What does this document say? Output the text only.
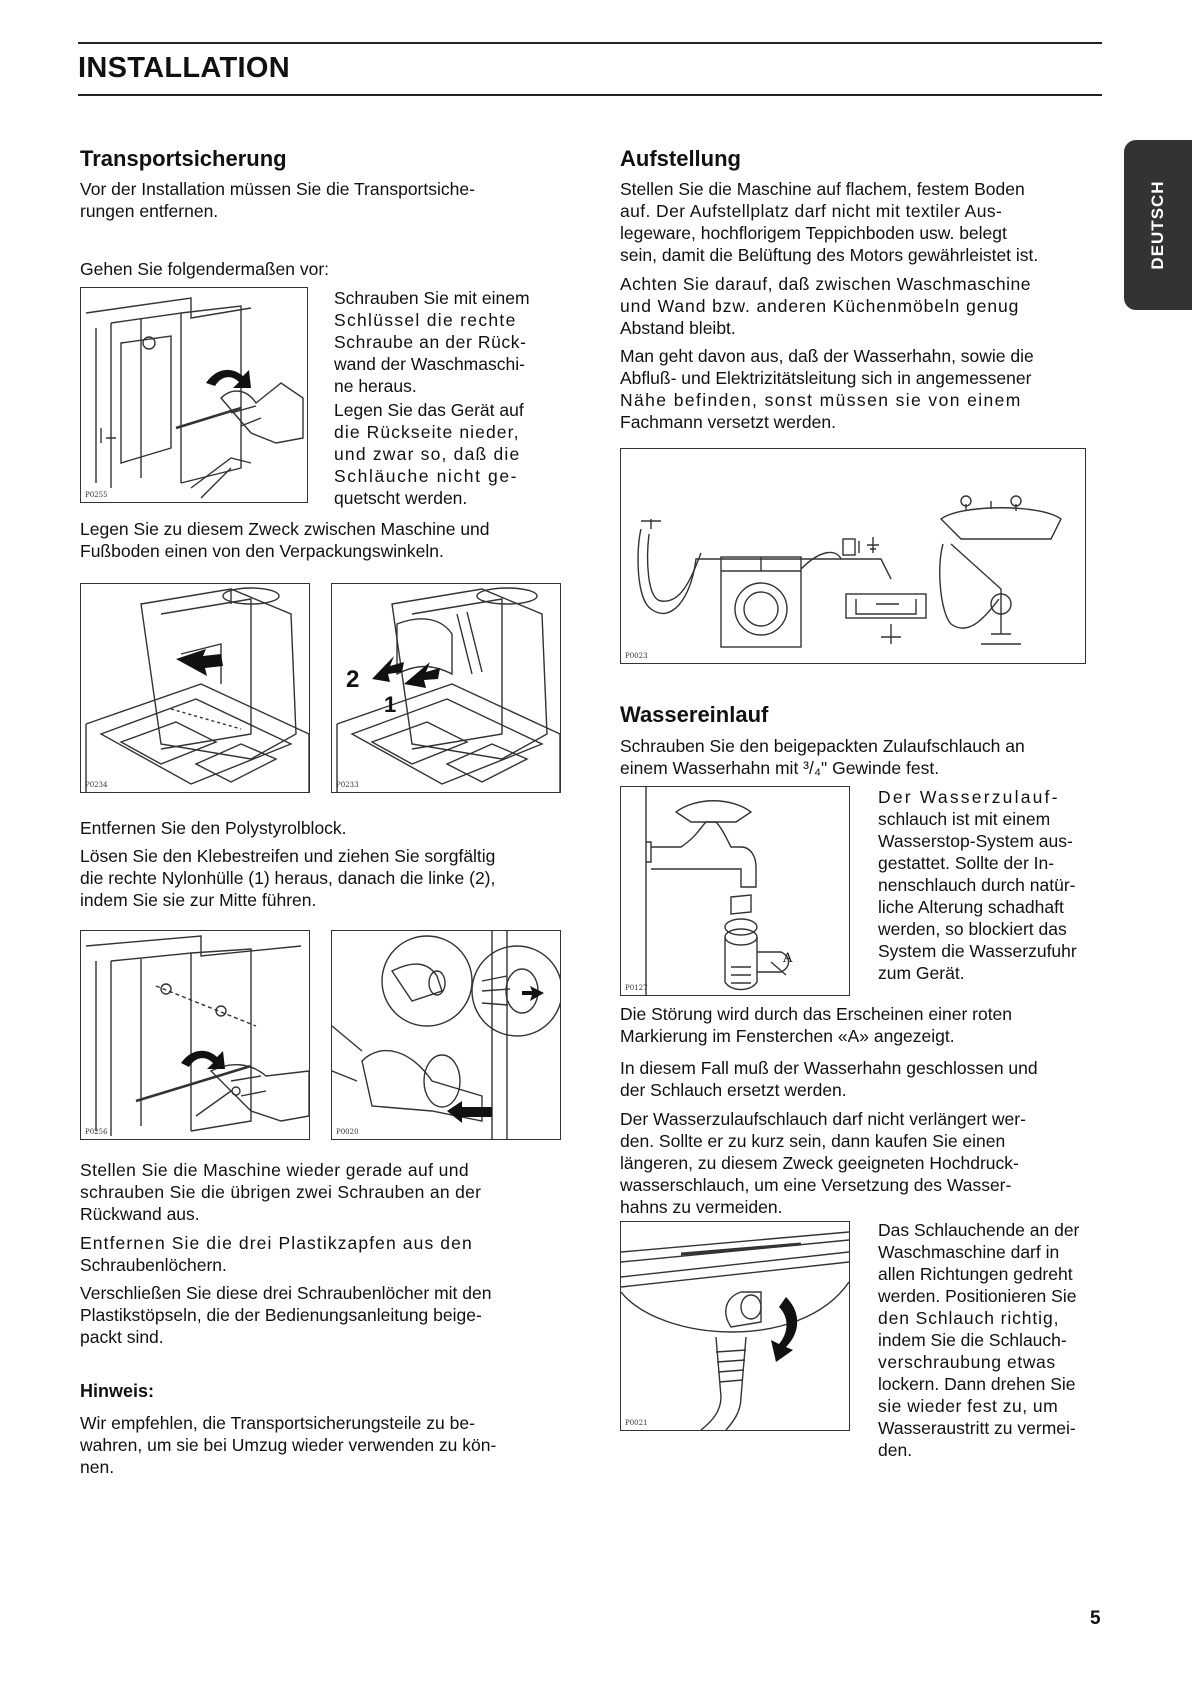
INSTALLATION
DEUTSCH
Transportsicherung
Vor der Installation müssen Sie die Transportsiche-
rungen entfernen.
Gehen Sie folgendermaßen vor:
P0255
Schrauben Sie mit einem
Schlüssel die rechte
Schraube an der Rück-
wand der Waschmaschi-
ne heraus.
Legen Sie das Gerät auf
die Rückseite nieder,
und zwar so, daß die
Schläuche nicht ge-
quetscht werden.
Legen Sie zu diesem Zweck zwischen Maschine und
Fußboden einen von den Verpackungswinkeln.
P0234
2
1
P0233
Entfernen Sie den Polystyrolblock.
Lösen Sie den Klebestreifen und ziehen Sie sorgfältig
die rechte Nylonhülle (1) heraus, danach die linke (2),
indem Sie sie zur Mitte führen.
P0256	P0020
Stellen Sie die Maschine wieder gerade auf und
schrauben Sie die übrigen zwei Schrauben an der
Rückwand aus.
Entfernen Sie die drei Plastikzapfen aus den
Schraubenlöchern.
Verschließen Sie diese drei Schraubenlöcher mit den
Plastikstöpseln, die der Bedienungsanleitung beige-
packt sind.
Hinweis:
Wir empfehlen, die Transportsicherungsteile zu be-
wahren, um sie bei Umzug wieder verwenden zu kön-
nen.
Aufstellung
Stellen Sie die Maschine auf flachem, festem Boden
auf. Der Aufstellplatz darf nicht mit textiler Aus-
legeware, hochflorigem Teppichboden usw. belegt
sein, damit die Belüftung des Motors gewährleistet ist.
Achten Sie darauf, daß zwischen Waschmaschine
und Wand bzw. anderen Küchenmöbeln genug
Abstand bleibt.
Man geht davon aus, daß der Wasserhahn, sowie die
Abfluß- und Elektrizitätsleitung sich in angemessener
Nähe befinden, sonst müssen sie von einem
Fachmann versetzt werden.
P0023
Wassereinlauf
Schrauben Sie den beigepackten Zulaufschlauch an
einem Wasserhahn mit ³/₄" Gewinde fest.
A
P0127
Der Wasserzulauf-
schlauch ist mit einem
Wasserstop-System aus-
gestattet. Sollte der In-
nenschlauch durch natür-
liche Alterung schadhaft
werden, so blockiert das
System die Wasserzufuhr
zum Gerät.
Die Störung wird durch das Erscheinen einer roten
Markierung im Fensterchen «A» angezeigt.
In diesem Fall muß der Wasserhahn geschlossen und
der Schlauch ersetzt werden.
Der Wasserzulaufschlauch darf nicht verlängert wer-
den. Sollte er zu kurz sein, dann kaufen Sie einen
längeren, zu diesem Zweck geeigneten Hochdruck-
wasserschlauch, um eine Versetzung des Wasser-
hahns zu vermeiden.
P0021
Das Schlauchende an der
Waschmaschine darf in
allen Richtungen gedreht
werden. Positionieren Sie
den Schlauch richtig,
indem Sie die Schlauch-
verschraubung etwas
lockern. Dann drehen Sie
sie wieder fest zu, um
Wasseraustritt zu vermei-
den.
5
